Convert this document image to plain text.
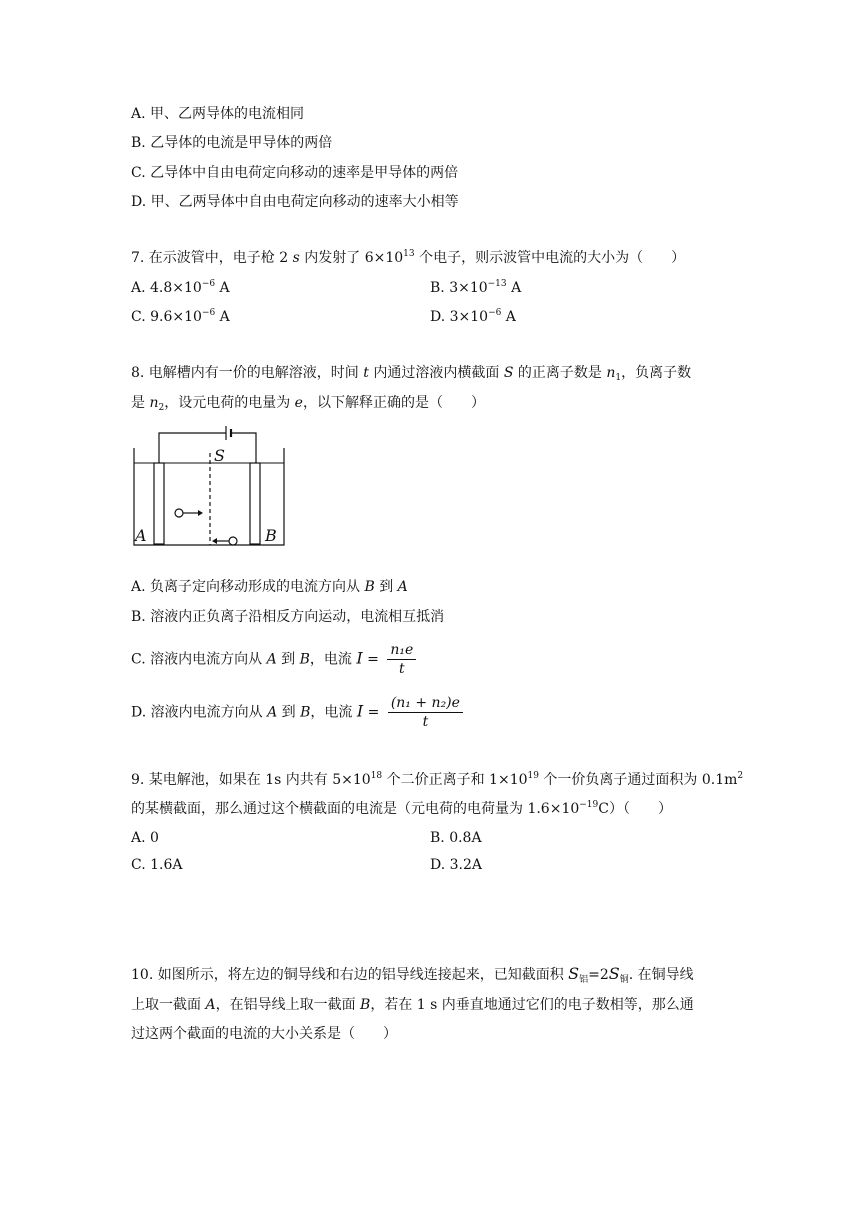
A. 甲、乙两导体的电流相同
B. 乙导体的电流是甲导体的两倍
C. 乙导体中自由电荷定向移动的速率是甲导体的两倍
D. 甲、乙两导体中自由电荷定向移动的速率大小相等
7. 在示波管中，电子枪 2 s 内发射了 $6\times 10^{13}$ 个电子，则示波管中电流的大小为（　　）
A. $4.8\times 10^{-6}$ A	B. $3\times 10^{-13}$ A
C. $9.6\times 10^{-6}$ A	D. $3\times 10^{-6}$ A
8. 电解槽内有一价的电解溶液，时间 t 内通过溶液内横截面 S 的正离子数是 $n_1$，负离子数
是 $n_2$，设元电荷的电量为 e，以下解释正确的是（　　）
S
A	B
A. 负离子定向移动形成的电流方向从 B 到 A
B. 溶液内正负离子沿相反方向运动，电流相互抵消
C. 溶液内电流方向从 A 到 B，电流 $I = \frac{\text{n₁e}}{t}$
D. 溶液内电流方向从 A 到 B，电流 $I = \frac{\text{(n₁ + n₂)e}}{t}$
9. 某电解池，如果在 1s 内共有 $5\times 10^{18}$ 个二价正离子和 $1\times 10^{19}$ 个一价负离子通过面积为 $0.1m^2$
的某横截面，那么通过这个横截面的电流是（元电荷的电荷量为 $1.6\times 10^{-19}C$）（　　）
A. 0	B. 0.8A
C. 1.6A	D. 3.2A
10. 如图所示，将左边的铜导线和右边的铝导线连接起来，已知截面积 $S_铝=2S_铜$. 在铜导线
上取一截面 A，在铝导线上取一截面 B，若在 1 s 内垂直地通过它们的电子数相等，那么通
过这两个截面的电流的大小关系是（　　）
